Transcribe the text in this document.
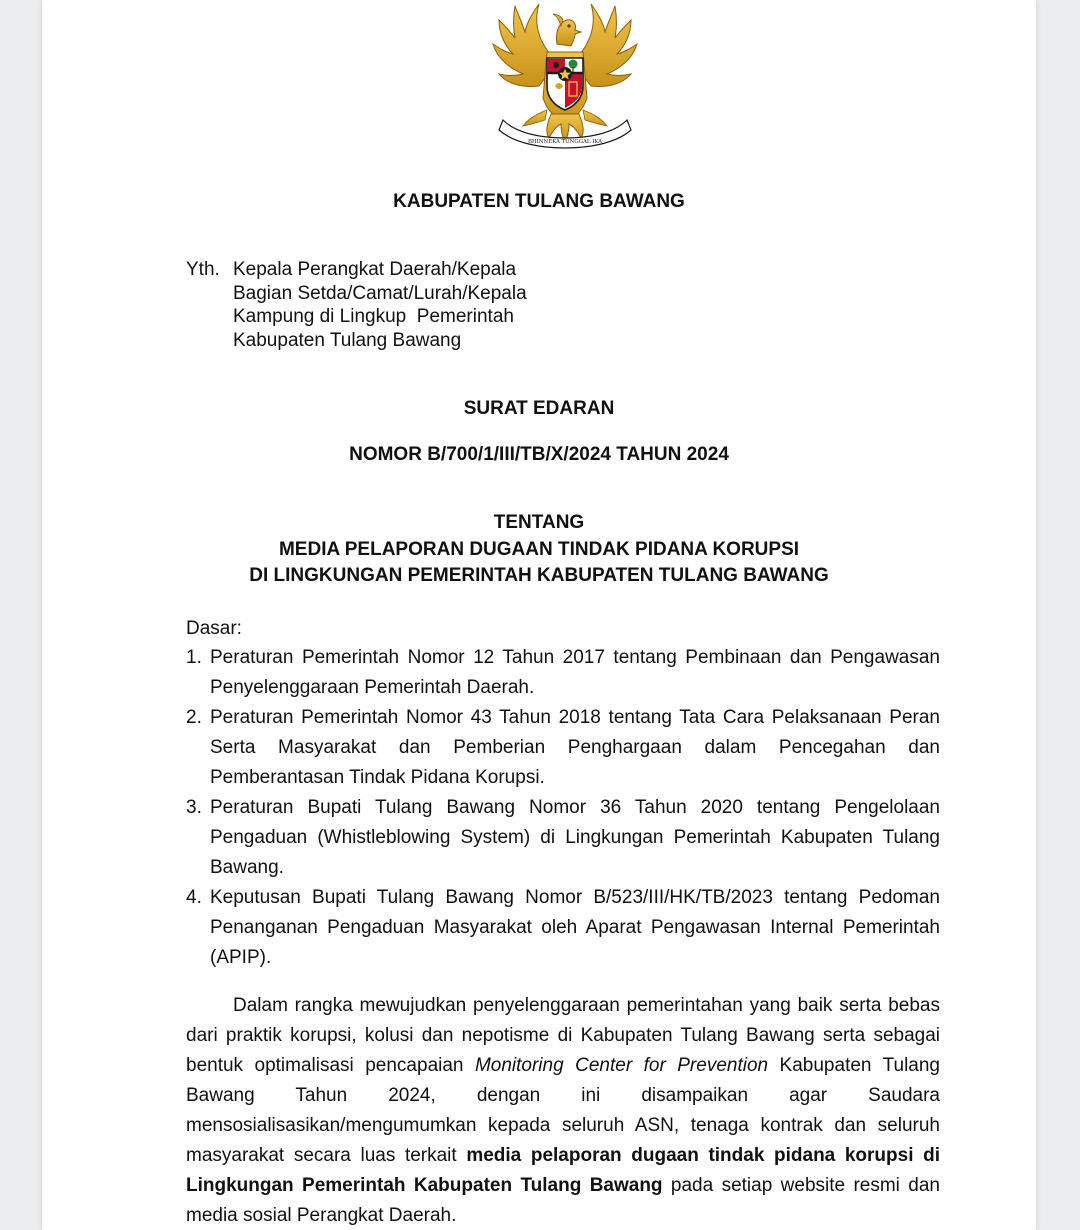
BHINNEKA TUNGGAL IKA
KABUPATEN TULANG BAWANG
Yth. Kepala Perangkat Daerah/Kepala
Bagian Setda/Camat/Lurah/Kepala
Kampung di Lingkup  Pemerintah
Kabupaten Tulang Bawang
SURAT EDARAN
NOMOR B/700/1/III/TB/X/2024 TAHUN 2024
TENTANG
MEDIA PELAPORAN DUGAAN TINDAK PIDANA KORUPSI
DI LINGKUNGAN PEMERINTAH KABUPATEN TULANG BAWANG
Dasar:
1. Peraturan Pemerintah Nomor 12 Tahun 2017 tentang Pembinaan dan Pengawasan Penyelenggaraan Pemerintah Daerah.
2. Peraturan Pemerintah Nomor 43 Tahun 2018 tentang Tata Cara Pelaksanaan Peran Serta Masyarakat dan Pemberian Penghargaan dalam Pencegahan dan Pemberantasan Tindak Pidana Korupsi.
3. Peraturan Bupati Tulang Bawang Nomor 36 Tahun 2020 tentang Pengelolaan Pengaduan (Whistleblowing System) di Lingkungan Pemerintah Kabupaten Tulang Bawang.
4. Keputusan Bupati Tulang Bawang Nomor B/523/III/HK/TB/2023 tentang Pedoman Penanganan Pengaduan Masyarakat oleh Aparat Pengawasan Internal Pemerintah (APIP).

Dalam rangka mewujudkan penyelenggaraan pemerintahan yang baik serta bebas dari praktik korupsi, kolusi dan nepotisme di Kabupaten Tulang Bawang serta sebagai bentuk optimalisasi pencapaian Monitoring Center for Prevention Kabupaten Tulang Bawang Tahun 2024, dengan ini disampaikan agar Saudara mensosialisasikan/mengumumkan kepada seluruh ASN, tenaga kontrak dan seluruh masyarakat secara luas terkait media pelaporan dugaan tindak pidana korupsi di Lingkungan Pemerintah Kabupaten Tulang Bawang pada setiap website resmi dan media sosial Perangkat Daerah.
